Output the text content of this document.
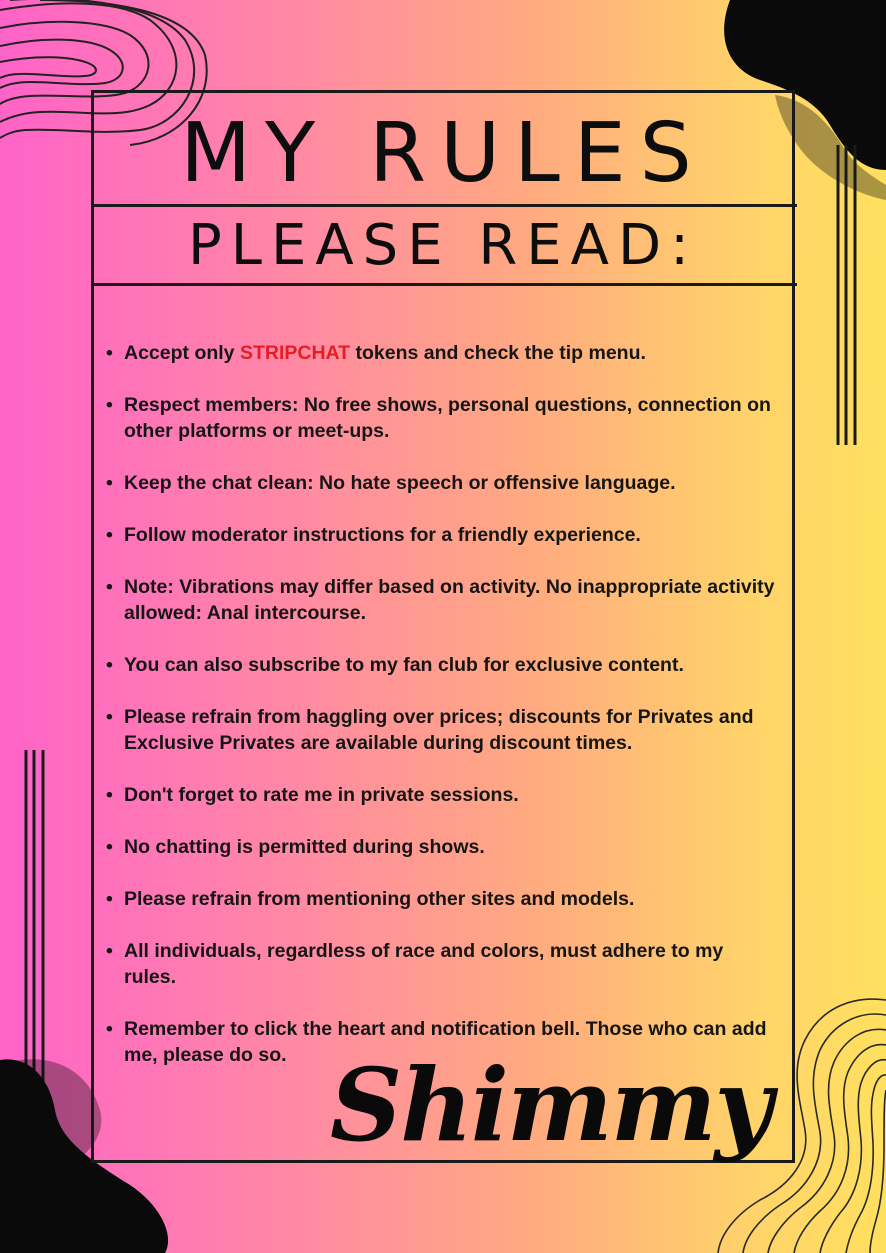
MY RULES
PLEASE READ:
• Accept only STRIPCHAT tokens and check the tip menu.
• Respect members: No free shows, personal questions, connection on other platforms or meet-ups.
• Keep the chat clean: No hate speech or offensive language.
• Follow moderator instructions for a friendly experience.
• Note: Vibrations may differ based on activity. No inappropriate activity allowed: Anal intercourse.
• You can also subscribe to my fan club for exclusive content.
• Please refrain from haggling over prices; discounts for Privates and Exclusive Privates are available during discount times.
• Don't forget to rate me in private sessions.
• No chatting is permitted during shows.
• Please refrain from mentioning other sites and models.
• All individuals, regardless of race and colors, must adhere to my rules.
• Remember to click the heart and notification bell. Those who can add me, please do so. Shimmy
